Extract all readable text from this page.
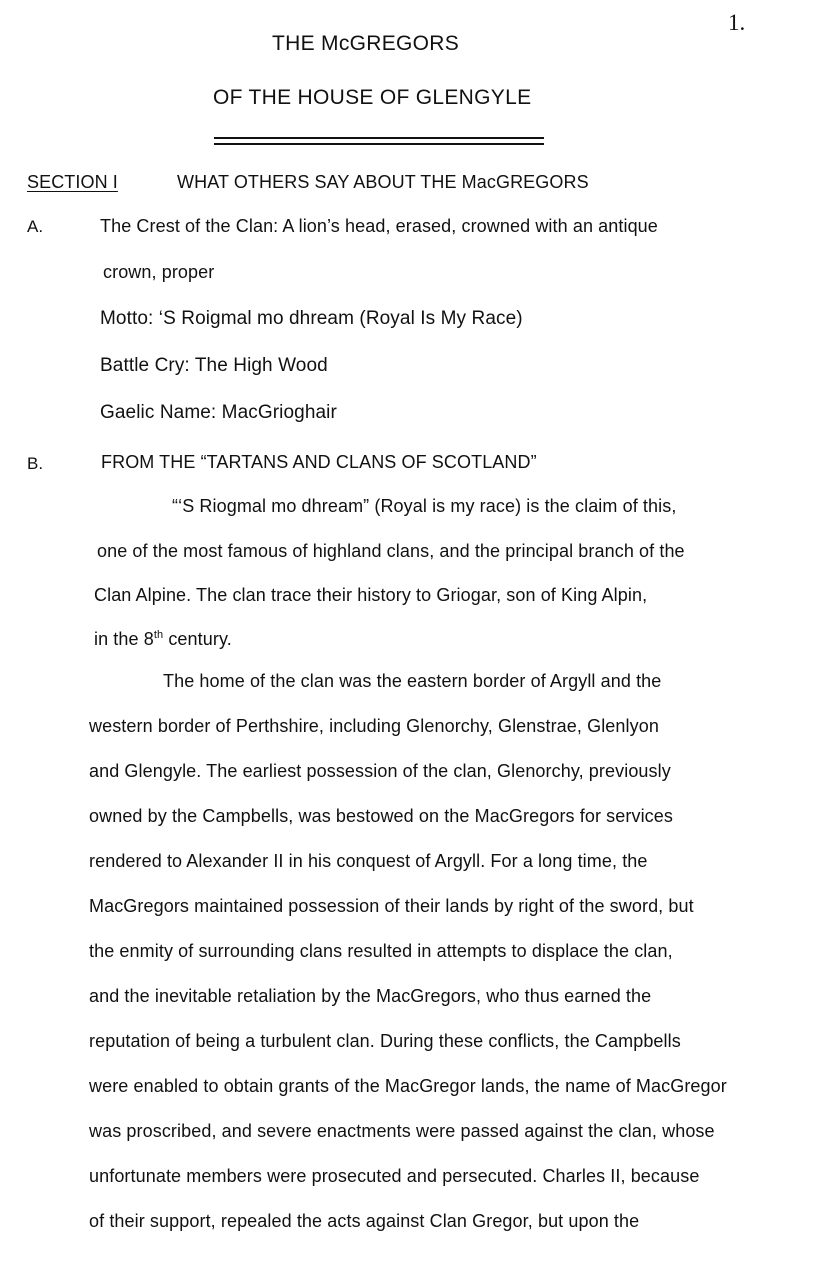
1.
THE McGREGORS
OF THE HOUSE OF GLENGYLE
SECTION I	WHAT OTHERS SAY ABOUT THE MacGREGORS
A.	The Crest of the Clan: A lion’s head, erased, crowned with an antique
crown, proper
Motto: ‘S Roigmal mo dhream (Royal Is My Race)
Battle Cry: The High Wood
Gaelic Name: MacGrioghair
B.	FROM THE “TARTANS AND CLANS OF SCOTLAND”
“‘S Riogmal mo dhream” (Royal is my race) is the claim of this,
one of the most famous of highland clans, and the principal branch of the
Clan Alpine. The clan trace their history to Griogar, son of King Alpin,
in the 8th century.
The home of the clan was the eastern border of Argyll and the
western border of Perthshire, including Glenorchy, Glenstrae, Glenlyon
and Glengyle. The earliest possession of the clan, Glenorchy, previously
owned by the Campbells, was bestowed on the MacGregors for services
rendered to Alexander II in his conquest of Argyll. For a long time, the
MacGregors maintained possession of their lands by right of the sword, but
the enmity of surrounding clans resulted in attempts to displace the clan,
and the inevitable retaliation by the MacGregors, who thus earned the
reputation of being a turbulent clan. During these conflicts, the Campbells
were enabled to obtain grants of the MacGregor lands, the name of MacGregor
was proscribed, and severe enactments were passed against the clan, whose
unfortunate members were prosecuted and persecuted. Charles II, because
of their support, repealed the acts against Clan Gregor, but upon the
